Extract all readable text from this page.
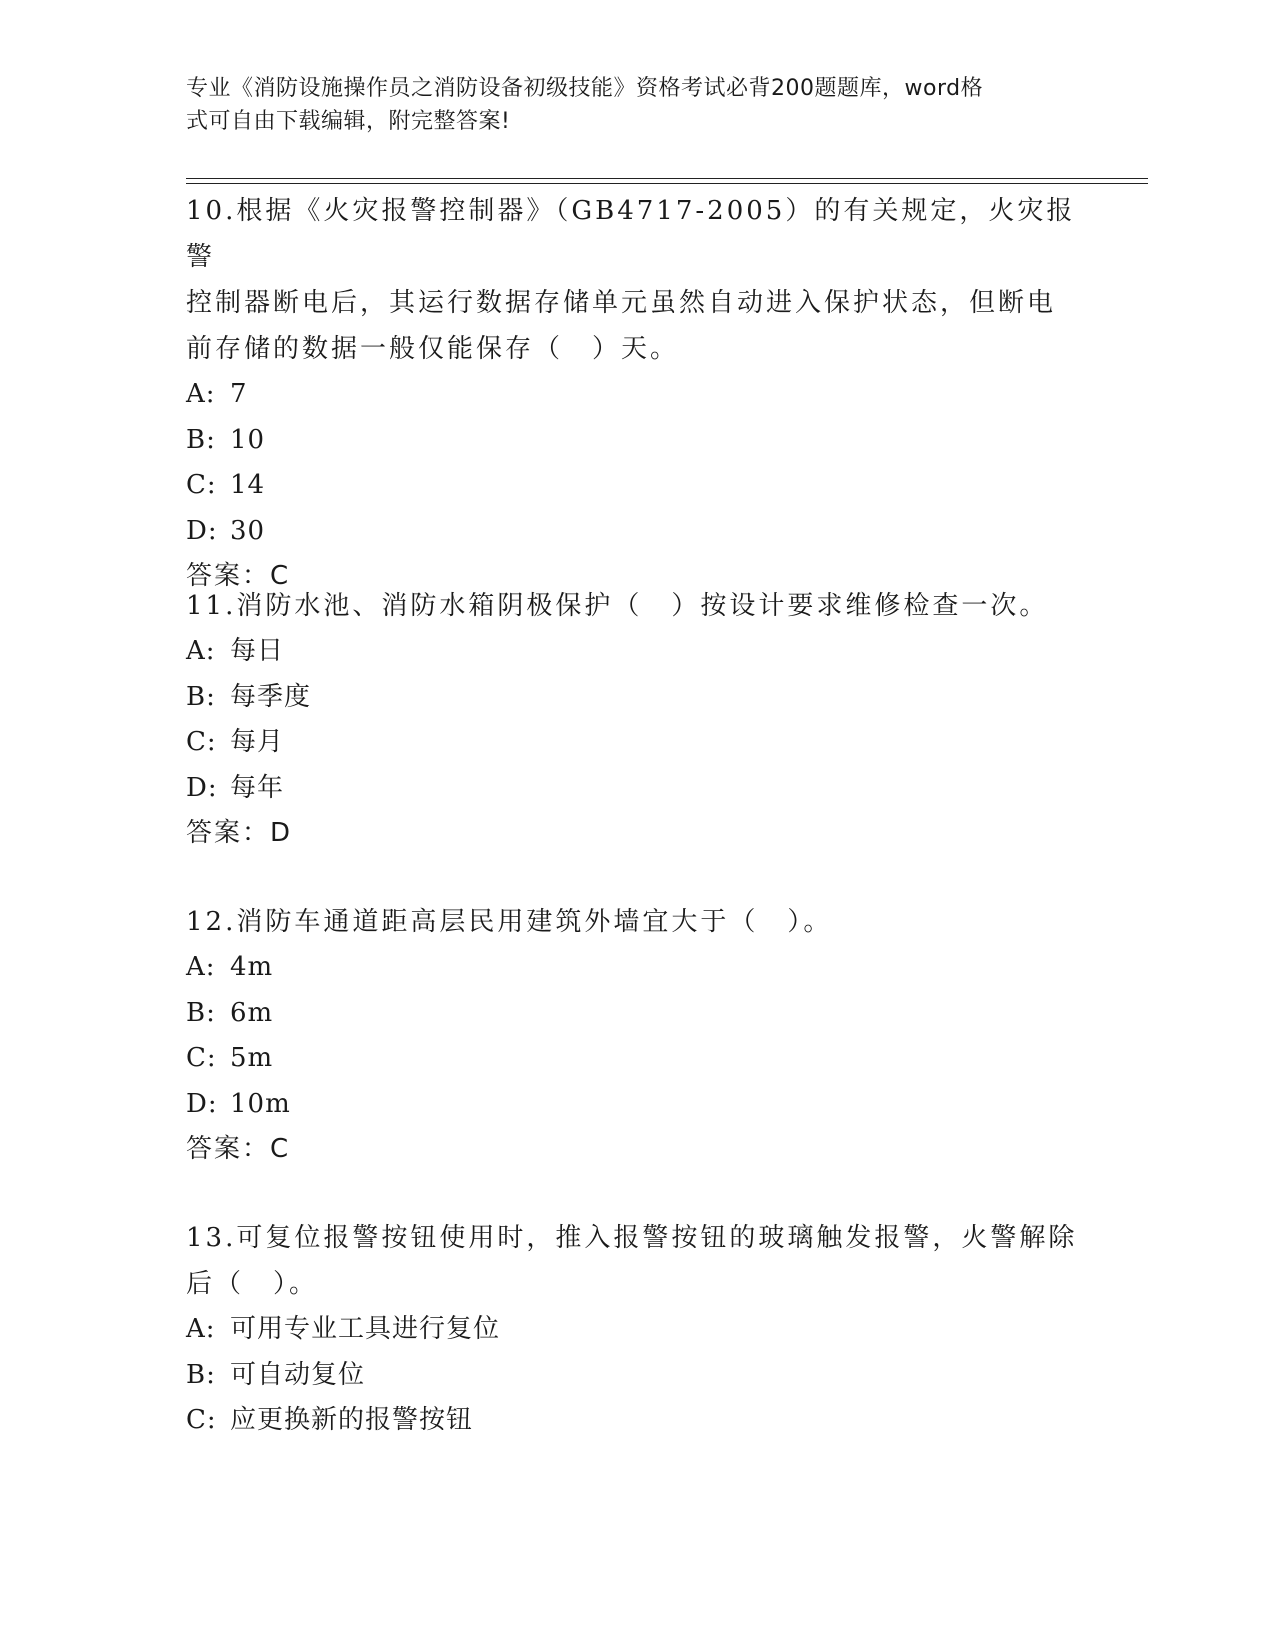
专业《消防设施操作员之消防设备初级技能》资格考试必背200题题库，word格
式可自由下载编辑，附完整答案!
10.根据《火灾报警控制器》（GB4717-2005）的有关规定，火灾报警
控制器断电后，其运行数据存储单元虽然自动进入保护状态，但断电
前存储的数据一般仅能保存（　）天。
A: 7
B: 10
C: 14
D: 30
答案：C
11.消防水池、消防水箱阴极保护（　）按设计要求维修检查一次。
A: 每日
B: 每季度
C: 每月
D: 每年
答案：D
12.消防车通道距高层民用建筑外墙宜大于（　）。
A: 4m
B: 6m
C: 5m
D: 10m
答案：C
13.可复位报警按钮使用时，推入报警按钮的玻璃触发报警，火警解除
后（　）。
A: 可用专业工具进行复位
B: 可自动复位
C: 应更换新的报警按钮
